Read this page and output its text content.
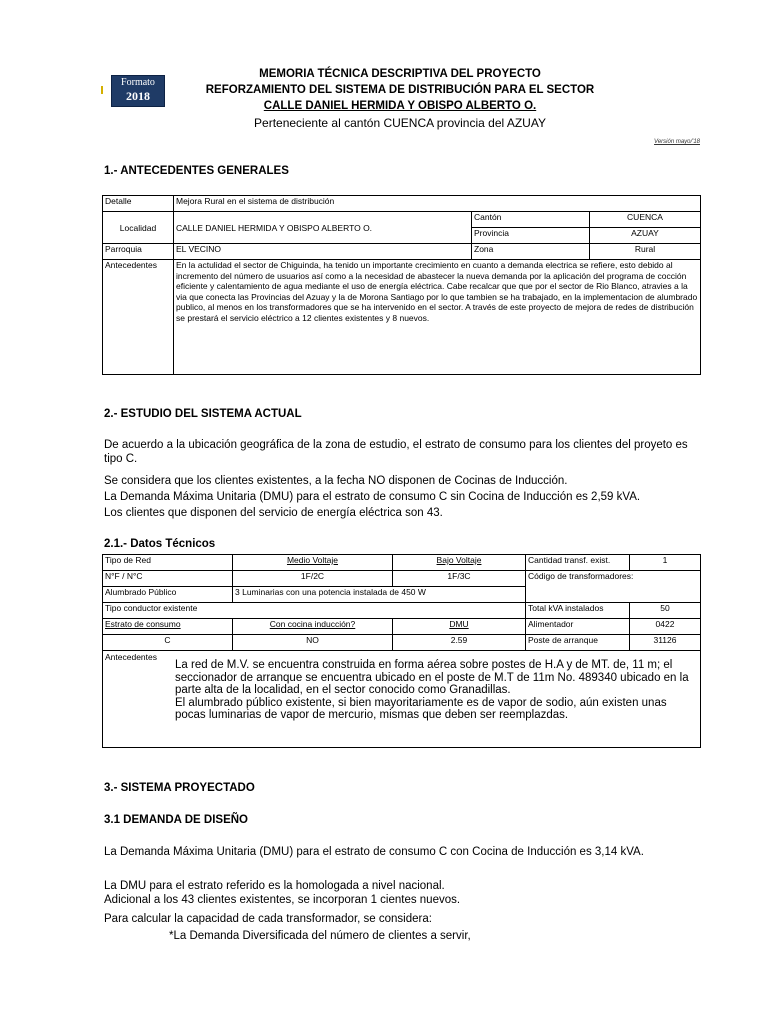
Formato
2018
MEMORIA TÉCNICA DESCRIPTIVA DEL PROYECTO
REFORZAMIENTO DEL SISTEMA DE DISTRIBUCIÓN PARA EL SECTOR
CALLE DANIEL HERMIDA Y OBISPO ALBERTO O.
Perteneciente al cantón CUENCA provincia del AZUAY
Versión mayo/'18
1.- ANTECEDENTES GENERALES
Detalle	Mejora Rural en el sistema de distribución		
Localidad	CALLE DANIEL HERMIDA Y OBISPO ALBERTO O.	Cantón	CUENCA
		Provincia	AZUAY
Parroquia	EL VECINO	Zona	Rural
Antecedentes	En la actulidad el sector de Chiguinda, ha tenido un importante crecimiento en cuanto a demanda electrica se refiere, esto debido al incremento del número de usuarios así como a la necesidad de abastecer la nueva demanda por la aplicación del programa de cocción eficiente y calentamiento de agua mediante el uso de energía eléctrica. Cabe recalcar que que por el sector de Rio Blanco, atravies a la via que conecta las Provincias del Azuay y la de Morona Santiago por lo que tambien se ha trabajado, en la implementacion de alumbrado publico, al menos en los transformadores que se ha intervenido en el sector. A través de este proyecto de mejora de redes de distribución se prestará el servicio eléctrico a 12 clientes existentes y 8 nuevos.		
2.- ESTUDIO DEL SISTEMA ACTUAL
De acuerdo a la ubicación geográfica de la zona de estudio, el estrato de consumo para los clientes del proyeto es tipo C.
Se considera que los clientes existentes, a la fecha NO disponen de Cocinas de Inducción.
La Demanda Máxima Unitaria (DMU) para el estrato de consumo C sin Cocina de Inducción es 2,59 kVA.
Los clientes que disponen del servicio de energía eléctrica son 43.
2.1.- Datos Técnicos
Tipo de Red	Medio Voltaje	Bajo Voltaje	Cantidad transf. exist.	1
N°F / N°C	1F/2C	1F/3C	Código de transformadores:	
Alumbrado Público	3 Luminarias con una potencia instalada de 450 W			
Tipo conductor existente			Total kVA instalados	50
Estrato de consumo	Con cocina inducción?	DMU	Alimentador	0422
C	NO	2.59	Poste de arranque	31126

Antecedentes
La red de M.V. se encuentra construida en forma aérea sobre postes de H.A y de MT. de, 11 m; el seccionador de arranque se encuentra ubicado en el poste de M.T de 11m No. 489340 ubicado en la parte alta de la localidad, en el sector conocido como Granadillas.
El alumbrado público existente, si bien mayoritariamente es de vapor de sodio, aún existen unas pocas luminarias de vapor de mercurio, mismas que deben ser reemplazdas.				
3.- SISTEMA PROYECTADO
3.1 DEMANDA DE DISEÑO
La Demanda Máxima Unitaria (DMU) para el estrato de consumo C con Cocina de Inducción es 3,14 kVA.
La DMU para el estrato referido es la homologada a nivel nacional.
Adicional a los 43 clientes existentes, se incorporan 1 cientes nuevos.
Para calcular la capacidad de cada transformador, se considera:
*La Demanda Diversificada del número de clientes a servir,
